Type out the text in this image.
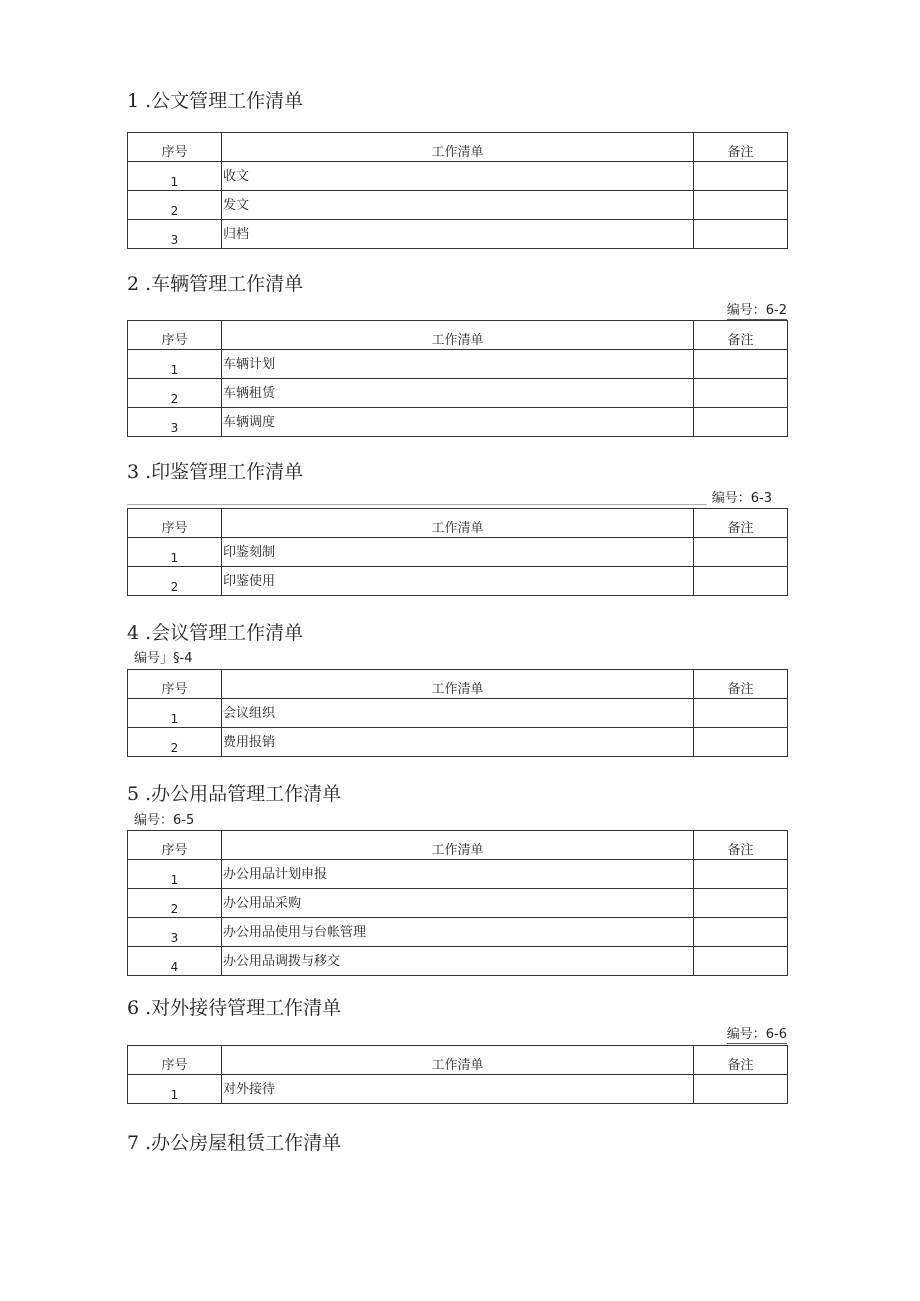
1 .公文管理工作清单
序号	工作清单	备注
1	收文	
2	发文	
3	归档	
2 .车辆管理工作清单
编号：6-2
序号	工作清单	备注
1	车辆计划	
2	车辆租赁	
3	车辆调度	
3 .印鉴管理工作清单
编号：6-3
序号	工作清单	备注
1	印鉴刻制	
2	印鉴使用	
4 .会议管理工作清单
编号」§-4
序号	工作清单	备注
1	会议组织	
2	费用报销	
5 .办公用品管理工作清单
编号：6-5
序号	工作清单	备注
1	办公用品计划申报	
2	办公用品采购	
3	办公用品使用与台帐管理	
4	办公用品调拨与移交	
6 .对外接待管理工作清单
编号：6-6
序号	工作清单	备注
1	对外接待	
7 .办公房屋租赁工作清单
